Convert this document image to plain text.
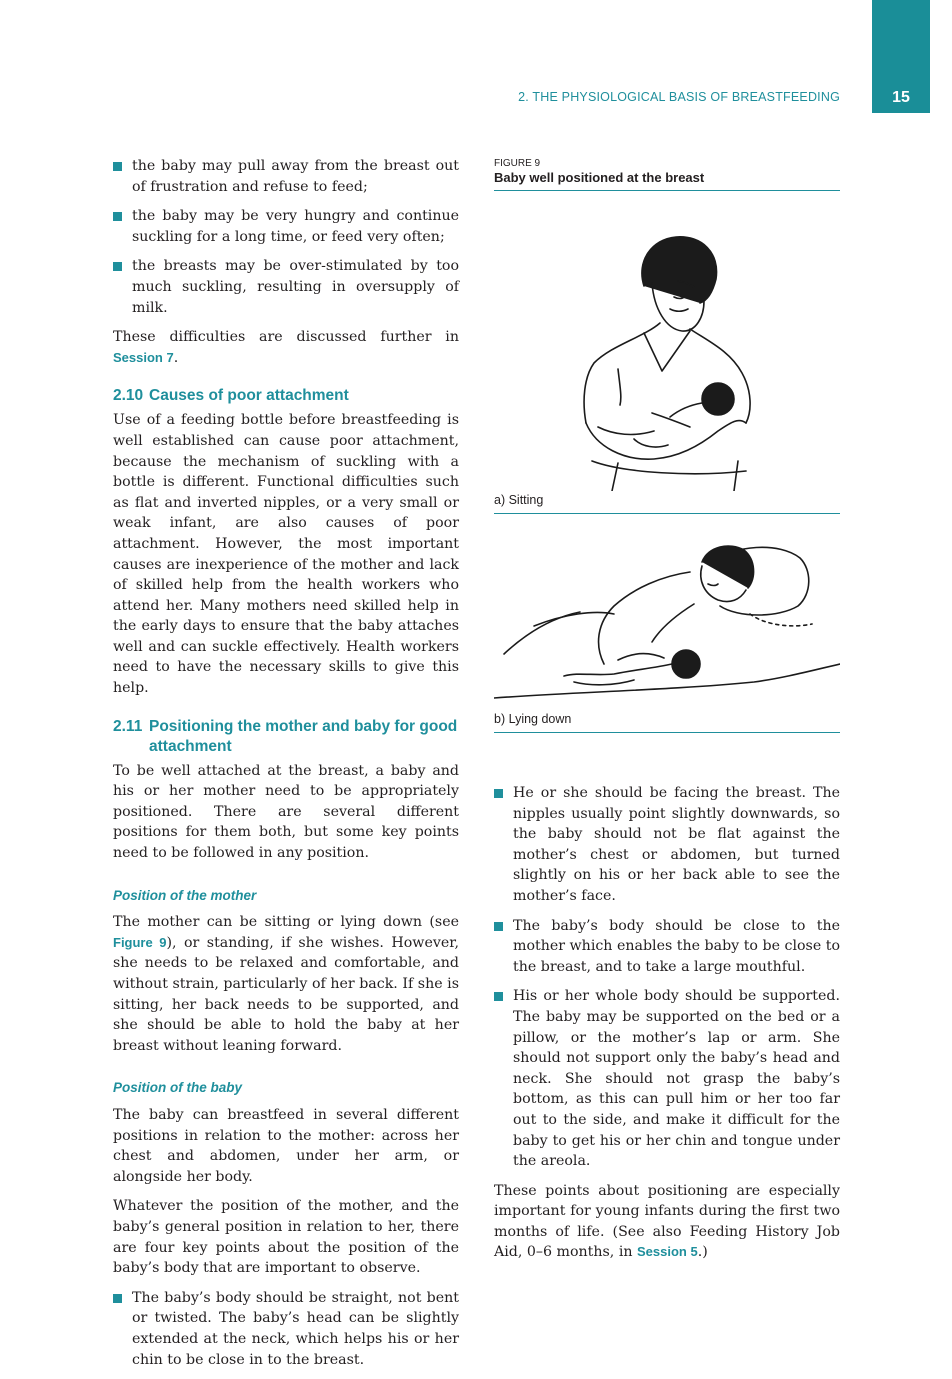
2. THE PHYSIOLOGICAL BASIS OF BREASTFEEDING	15
the baby may pull away from the breast out of frustration and refuse to feed;
the baby may be very hungry and continue suckling for a long time, or feed very often;
the breasts may be over-stimulated by too much suckling, resulting in oversupply of milk.

These difficulties are discussed further in Session 7.

2.10 Causes of poor attachment

Use of a feeding bottle before breastfeeding is well established can cause poor attachment, because the mechanism of suckling with a bottle is different. Functional difficulties such as flat and inverted nipples, or a very small or weak infant, are also causes of poor attachment. However, the most important causes are inexperience of the mother and lack of skilled help from the health workers who attend her. Many mothers need skilled help in the early days to ensure that the baby attaches well and can suckle effectively. Health workers need to have the necessary skills to give this help.

2.11 Positioning the mother and baby for good attachment

To be well attached at the breast, a baby and his or her mother need to be appropriately positioned. There are several different positions for them both, but some key points need to be followed in any position.

Position of the mother

The mother can be sitting or lying down (see Figure 9), or standing, if she wishes. However, she needs to be relaxed and comfortable, and without strain, particularly of her back. If she is sitting, her back needs to be supported, and she should be able to hold the baby at her breast without leaning forward.

Position of the baby

The baby can breastfeed in several different positions in relation to the mother: across her chest and abdomen, under her arm, or alongside her body.

Whatever the position of the mother, and the baby’s general position in relation to her, there are four key points about the position of the baby’s body that are important to observe.

The baby’s body should be straight, not bent or twisted. The baby’s head can be slightly extended at the neck, which helps his or her chin to be close in to the breast.
FIGURE 9
Baby well positioned at the breast
a) Sitting
b) Lying down
He or she should be facing the breast. The nipples usually point slightly downwards, so the baby should not be flat against the mother’s chest or abdomen, but turned slightly on his or her back able to see the mother’s face.
The baby’s body should be close to the mother which enables the baby to be close to the breast, and to take a large mouthful.
His or her whole body should be supported. The baby may be supported on the bed or a pillow, or the mother’s lap or arm. She should not support only the baby’s head and neck. She should not grasp the baby’s bottom, as this can pull him or her too far out to the side, and make it difficult for the baby to get his or her chin and tongue under the areola.

These points about positioning are especially important for young infants during the first two months of life. (See also Feeding History Job Aid, 0–6 months, in Session 5.)
